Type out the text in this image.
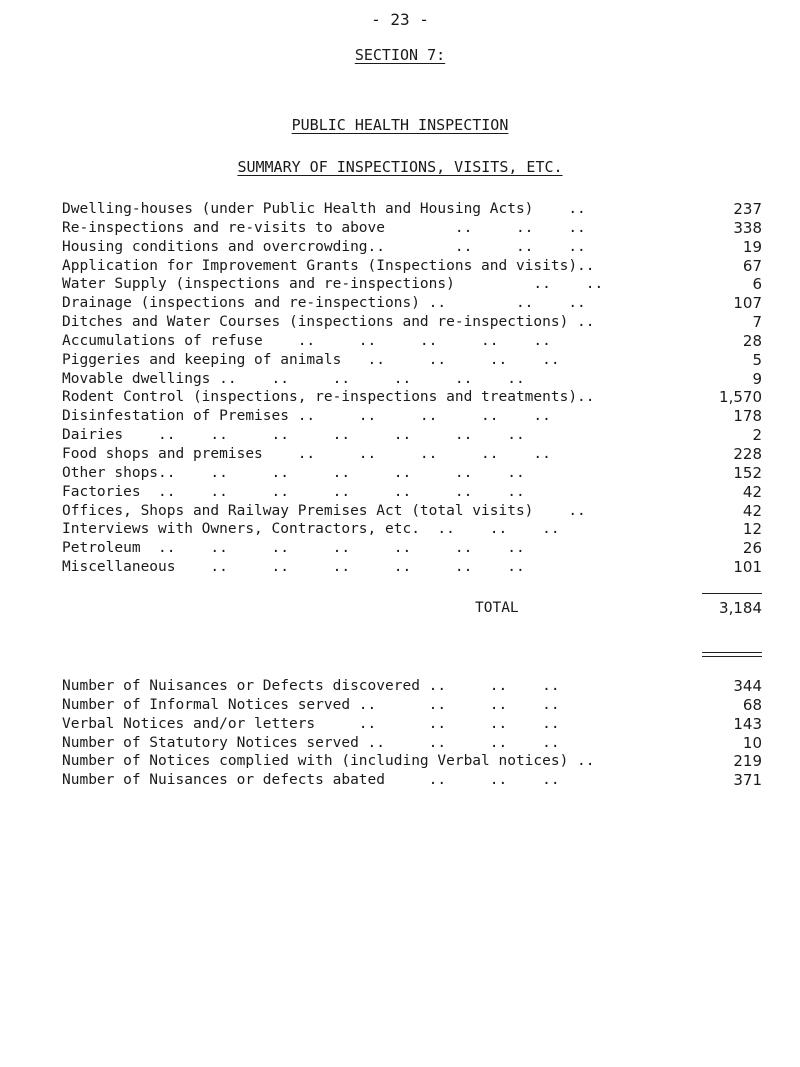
- 23 -
SECTION 7:
PUBLIC HEALTH INSPECTION
SUMMARY OF INSPECTIONS, VISITS, ETC.
Dwelling-houses (under Public Health and Housing Acts)    ..	237
Re-inspections and re-visits to above        ..     ..    ..	338
Housing conditions and overcrowding..        ..     ..    ..	19
Application for Improvement Grants (Inspections and visits)..	67
Water Supply (inspections and re-inspections)         ..    ..	6
Drainage (inspections and re-inspections) ..        ..    ..	107
Ditches and Water Courses (inspections and re-inspections) ..	7
Accumulations of refuse    ..     ..     ..     ..    ..	28
Piggeries and keeping of animals   ..     ..     ..    ..	5
Movable dwellings ..    ..     ..     ..     ..    ..	9
Rodent Control (inspections, re-inspections and treatments)..	1,570
Disinfestation of Premises ..     ..     ..     ..    ..	178
Dairies    ..    ..     ..     ..     ..     ..    ..	2
Food shops and premises    ..     ..     ..     ..    ..	228
Other shops..    ..     ..     ..     ..     ..    ..	152
Factories  ..    ..     ..     ..     ..     ..    ..	42
Offices, Shops and Railway Premises Act (total visits)    ..	42
Interviews with Owners, Contractors, etc.  ..    ..    ..	12
Petroleum  ..    ..     ..     ..     ..     ..    ..	26
Miscellaneous    ..     ..     ..     ..     ..    ..	101
TOTAL	3,184
Number of Nuisances or Defects discovered ..     ..    ..	344
Number of Informal Notices served ..      ..     ..    ..	68
Verbal Notices and/or letters     ..      ..     ..    ..	143
Number of Statutory Notices served ..     ..     ..    ..	10
Number of Notices complied with (including Verbal notices) ..	219
Number of Nuisances or defects abated     ..     ..    ..	371
